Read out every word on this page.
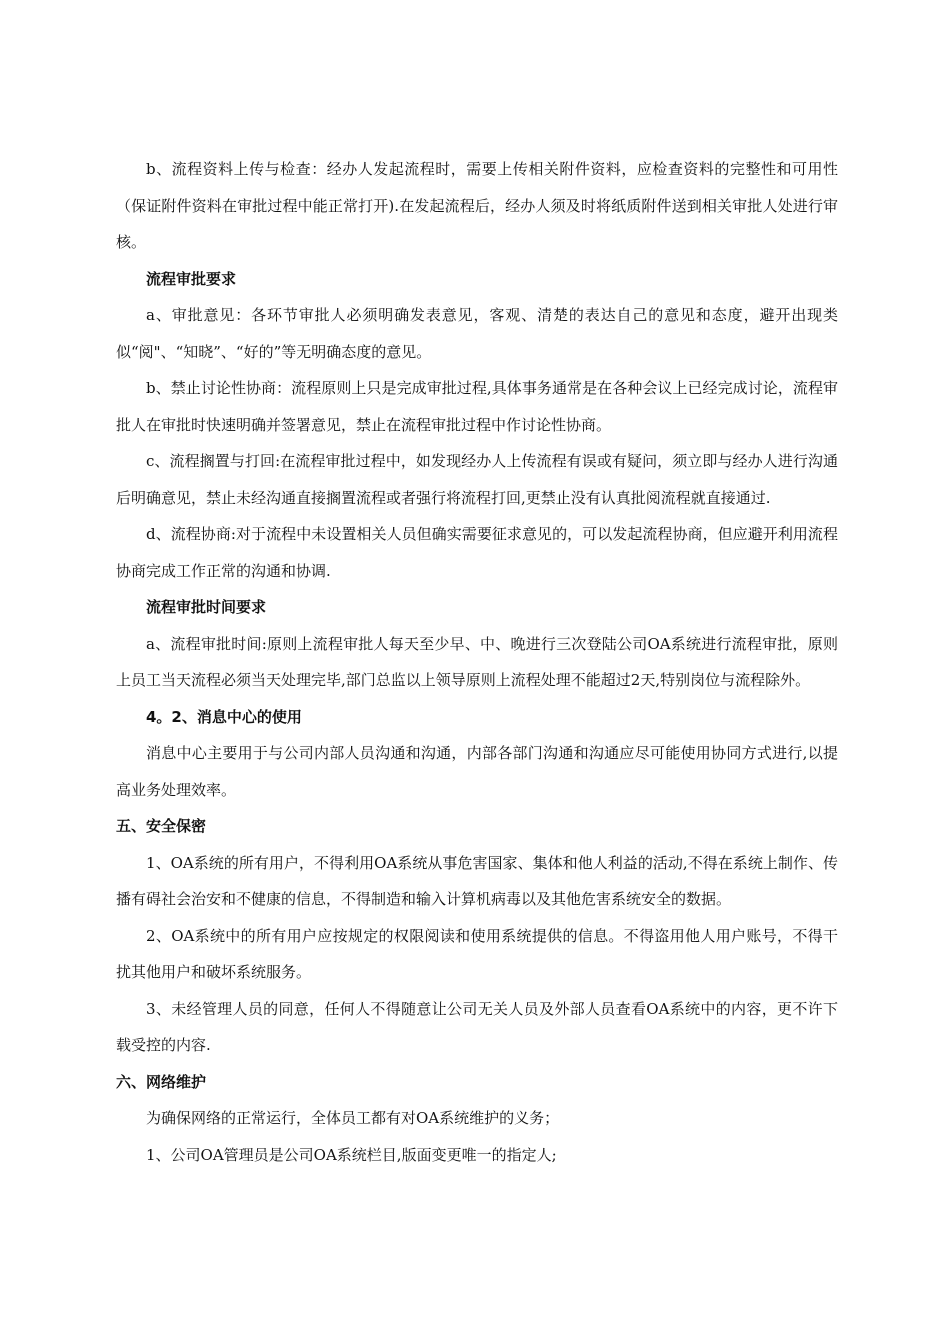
b、流程资料上传与检查：经办人发起流程时，需要上传相关附件资料，应检查资料的完整性和可用性（保证附件资料在审批过程中能正常打开).在发起流程后，经办人须及时将纸质附件送到相关审批人处进行审核。

流程审批要求

a、审批意见：各环节审批人必须明确发表意见，客观、清楚的表达自己的意见和态度，避开出现类似“阅"、“知晓”、“好的”等无明确态度的意见。

b、禁止讨论性协商：流程原则上只是完成审批过程,具体事务通常是在各种会议上已经完成讨论，流程审批人在审批时快速明确并签署意见，禁止在流程审批过程中作讨论性协商。

c、流程搁置与打回:在流程审批过程中，如发现经办人上传流程有误或有疑问，须立即与经办人进行沟通后明确意见，禁止未经沟通直接搁置流程或者强行将流程打回,更禁止没有认真批阅流程就直接通过.

d、流程协商:对于流程中未设置相关人员但确实需要征求意见的，可以发起流程协商，但应避开利用流程协商完成工作正常的沟通和协调.

流程审批时间要求

a、流程审批时间:原则上流程审批人每天至少早、中、晚进行三次登陆公司OA系统进行流程审批，原则上员工当天流程必须当天处理完毕,部门总监以上领导原则上流程处理不能超过2天,特别岗位与流程除外。

4。2、消息中心的使用

消息中心主要用于与公司内部人员沟通和沟通，内部各部门沟通和沟通应尽可能使用协同方式进行,以提高业务处理效率。

五、安全保密

1、OA系统的所有用户，不得利用OA系统从事危害国家、集体和他人利益的活动,不得在系统上制作、传播有碍社会治安和不健康的信息，不得制造和输入计算机病毒以及其他危害系统安全的数据。

2、OA系统中的所有用户应按规定的权限阅读和使用系统提供的信息。不得盗用他人用户账号，不得干扰其他用户和破坏系统服务。

3、未经管理人员的同意，任何人不得随意让公司无关人员及外部人员查看OA系统中的内容，更不许下载受控的内容.

六、网络维护

为确保网络的正常运行，全体员工都有对OA系统维护的义务；

1、公司OA管理员是公司OA系统栏目,版面变更唯一的指定人;
